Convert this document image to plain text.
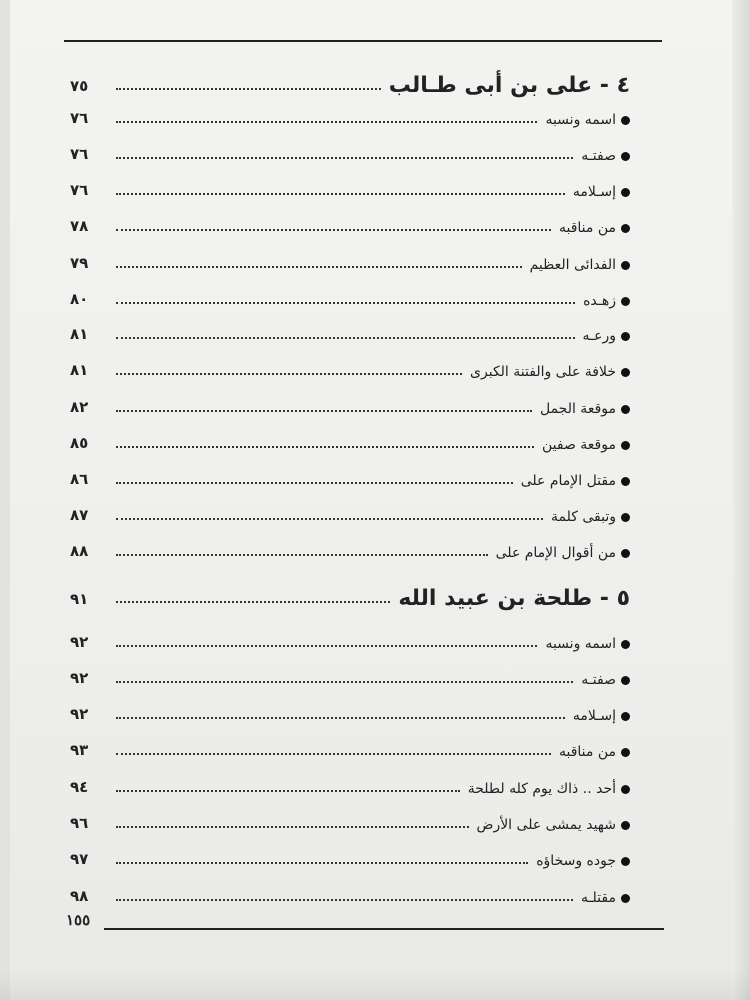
٧٥	٤ - على بن أبى طـالب
٧٦	اسمه ونسبه
٧٦	صفتـه
٧٦	إسـلامه
٧٨	من مناقبه
٧٩	الفدائى العظيم
٨٠	زهـده
٨١	ورعـه
٨١	خلافة على والفتنة الكبرى
٨٢	موقعة الجمل
٨٥	موقعة صفين
٨٦	مقتل الإمام على
٨٧	وتبقى كلمة
٨٨	من أقوال الإمام على
٩١	٥ - طلحة بن عبيد الله
٩٢	اسمه ونسبه
٩٢	صفتـه
٩٢	إسـلامه
٩٣	من مناقبه
٩٤	أحد .. ذاك يوم كله لطلحة
٩٦	شهيد يمشى على الأرض
٩٧	جوده وسخاؤه
٩٨	مقتلـه
١٥٥
